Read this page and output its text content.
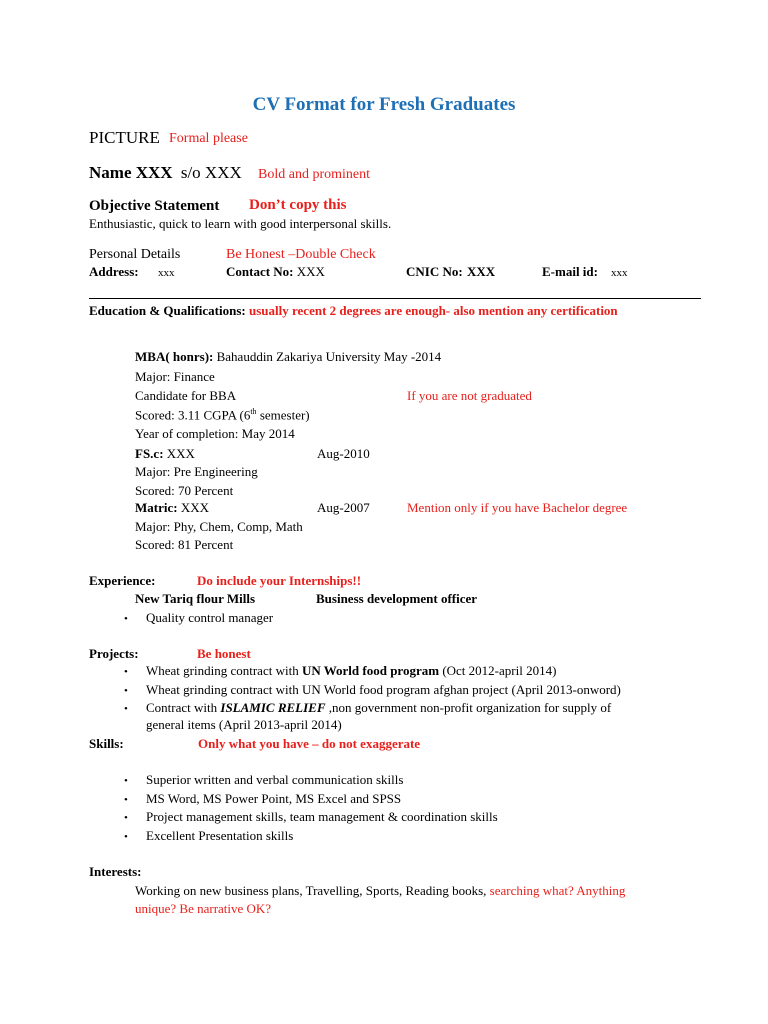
CV Format for Fresh Graduates
PICTURE Formal please
Name XXX s/o XXX Bold and prominent
Objective Statement Don’t copy this
Enthusiastic, quick to learn with good interpersonal skills.
Personal Details	Be Honest –Double Check
Address: xxx	Contact No: XXX	CNIC No: XXX	E-mail id: xxx
Education & Qualifications: usually recent 2 degrees are enough- also mention any certification
MBA( honrs): Bahauddin Zakariya University May -2014
Major: Finance
Candidate for BBA	If you are not graduated
Scored: 3.11 CGPA (6th semester)
Year of completion: May 2014
FS.c: XXX	Aug-2010
Major: Pre Engineering
Scored: 70 Percent
Matric: XXX	Aug-2007	Mention only if you have Bachelor degree
Major: Phy, Chem, Comp, Math
Scored: 81 Percent
Experience:	Do include your Internships!!
New Tariq flour Mills	Business development officer
• Quality control manager
Projects:	Be honest
• Wheat grinding contract with UN World food program (Oct 2012-april 2014)
• Wheat grinding contract with UN World food program afghan project (April 2013-onword)
• Contract with ISLAMIC RELIEF ,non government non-profit organization for supply of
general items (April 2013-april 2014)
Skills:	Only what you have – do not exaggerate
• Superior written and verbal communication skills
• MS Word, MS Power Point, MS Excel and SPSS
• Project management skills, team management & coordination skills
• Excellent Presentation skills
Interests:
Working on new business plans, Travelling, Sports, Reading books, searching what? Anything
unique? Be narrative OK?
